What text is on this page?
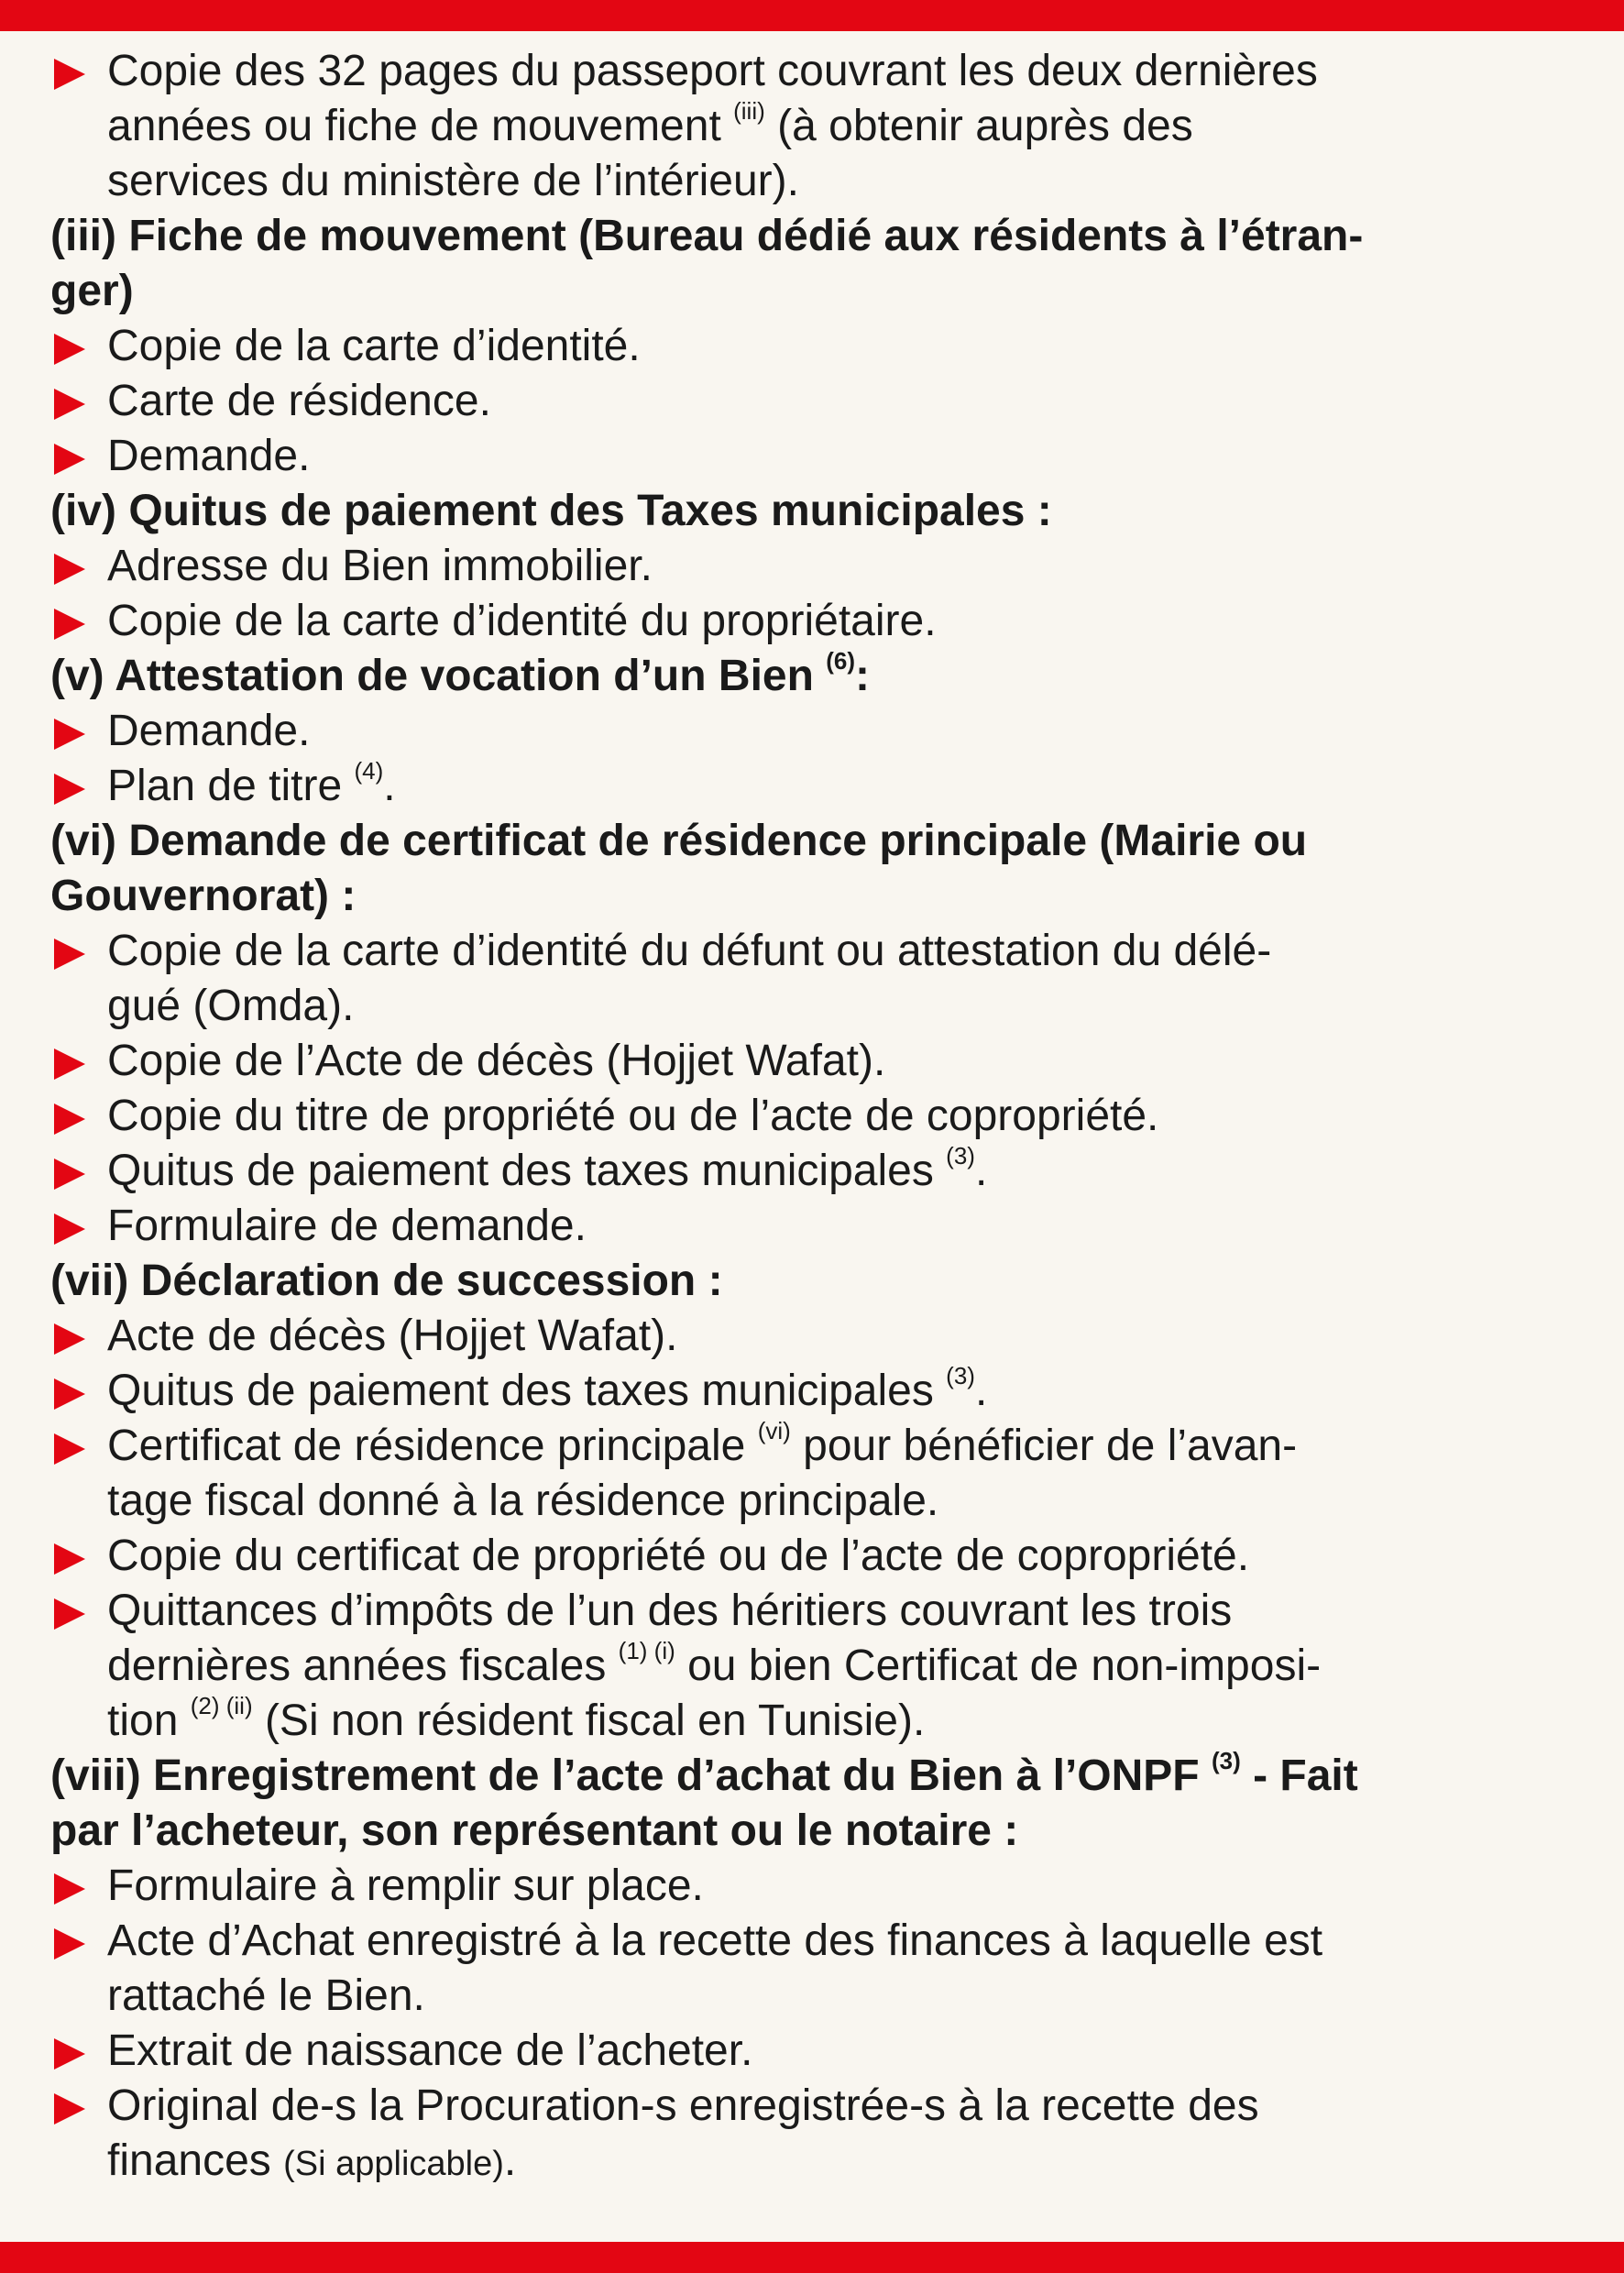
Copie des 32 pages du passeport couvrant les deux dernières
années ou fiche de mouvement $^{(iii)}$ (à obtenir auprès des
services du ministère de l’intérieur).
(iii) Fiche de mouvement (Bureau dédié aux résidents à l’étran-
ger)
Copie de la carte d’identité.
Carte de résidence.
Demande.
(iv) Quitus de paiement des Taxes municipales :
Adresse du Bien immobilier.
Copie de la carte d’identité du propriétaire.
(v) Attestation de vocation d’un Bien $^{(6)}$:
Demande.
Plan de titre $^{(4)}$.
(vi) Demande de certificat de résidence principale (Mairie ou
Gouvernorat) :
Copie de la carte d’identité du défunt ou attestation du délé-
gué (Omda).
Copie de l’Acte de décès (Hojjet Wafat).
Copie du titre de propriété ou de l’acte de copropriété.
Quitus de paiement des taxes municipales $^{(3)}$.
Formulaire de demande.
(vii) Déclaration de succession :
Acte de décès (Hojjet Wafat).
Quitus de paiement des taxes municipales $^{(3)}$.
Certificat de résidence principale $^{(vi)}$ pour bénéficier de l’avan-
tage fiscal donné à la résidence principale.
Copie du certificat de propriété ou de l’acte de copropriété.
Quittances d’impôts de l’un des héritiers couvrant les trois
dernières années fiscales $^{(1) (i)}$ ou bien Certificat de non-imposi-
tion $^{(2) (ii)}$ (Si non résident fiscal en Tunisie).
(viii) Enregistrement de l’acte d’achat du Bien à l’ONPF $^{(3)}$ - Fait
par l’acheteur, son représentant ou le notaire :
Formulaire à remplir sur place.
Acte d’Achat enregistré à la recette des finances à laquelle est
rattaché le Bien.
Extrait de naissance de l’acheter.
Original de-s la Procuration-s enregistrée-s à la recette des
finances (Si applicable).
